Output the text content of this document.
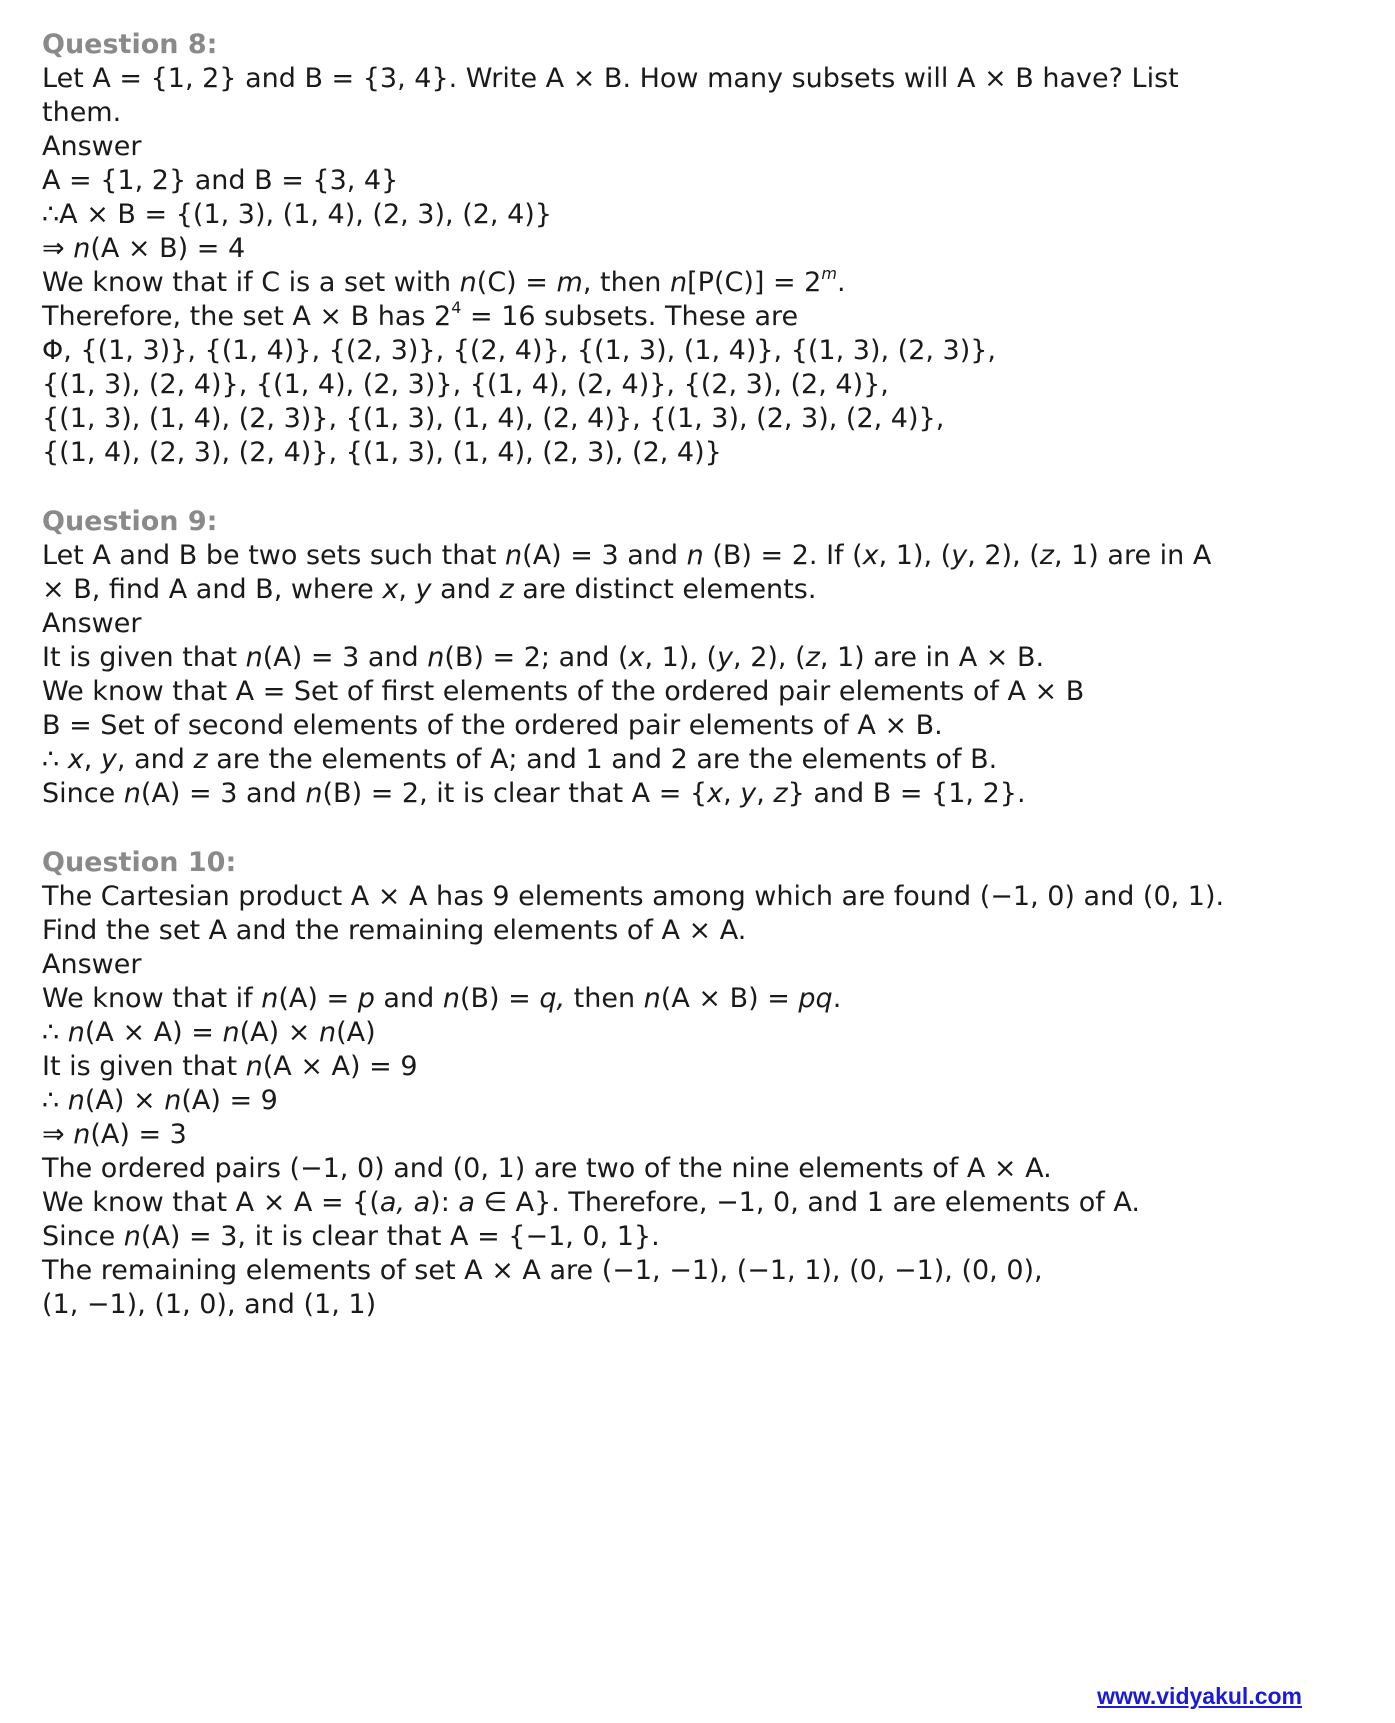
Question 8:
Let A = {1, 2} and B = {3, 4}. Write A × B. How many subsets will A × B have? List
them.
Answer
A = {1, 2} and B = {3, 4}
∴A × B = {(1, 3), (1, 4), (2, 3), (2, 4)}
⇒ n(A × B) = 4
We know that if C is a set with n(C) = m, then $n[P(C)] = 2^m$.
Therefore, the set A × B has $2^4 = 16$ subsets. These are
Φ, {(1, 3)}, {(1, 4)}, {(2, 3)}, {(2, 4)}, {(1, 3), (1, 4)}, {(1, 3), (2, 3)},
{(1, 3), (2, 4)}, {(1, 4), (2, 3)}, {(1, 4), (2, 4)}, {(2, 3), (2, 4)},
{(1, 3), (1, 4), (2, 3)}, {(1, 3), (1, 4), (2, 4)}, {(1, 3), (2, 3), (2, 4)},
{(1, 4), (2, 3), (2, 4)}, {(1, 3), (1, 4), (2, 3), (2, 4)}
Question 9:
Let A and B be two sets such that n(A) = 3 and n (B) = 2. If (x, 1), (y, 2), (z, 1) are in A
× B, find A and B, where x, y and z are distinct elements.
Answer
It is given that n(A) = 3 and n(B) = 2; and (x, 1), (y, 2), (z, 1) are in A × B.
We know that A = Set of first elements of the ordered pair elements of A × B
B = Set of second elements of the ordered pair elements of A × B.
∴ x, y, and z are the elements of A; and 1 and 2 are the elements of B.
Since n(A) = 3 and n(B) = 2, it is clear that A = {x, y, z} and B = {1, 2}.
Question 10:
The Cartesian product A × A has 9 elements among which are found (−1, 0) and (0, 1).
Find the set A and the remaining elements of A × A.
Answer
We know that if n(A) = p and n(B) = q, then n(A × B) = pq.
∴ n(A × A) = n(A) × n(A)
It is given that n(A × A) = 9
∴ n(A) × n(A) = 9
⇒ n(A) = 3
The ordered pairs (−1, 0) and (0, 1) are two of the nine elements of A × A.
We know that A × A = {(a, a): a ∈ A}. Therefore, −1, 0, and 1 are elements of A.
Since n(A) = 3, it is clear that A = {−1, 0, 1}.
The remaining elements of set A × A are (−1, −1), (−1, 1), (0, −1), (0, 0),
(1, −1), (1, 0), and (1, 1)
www.vidyakul.com
